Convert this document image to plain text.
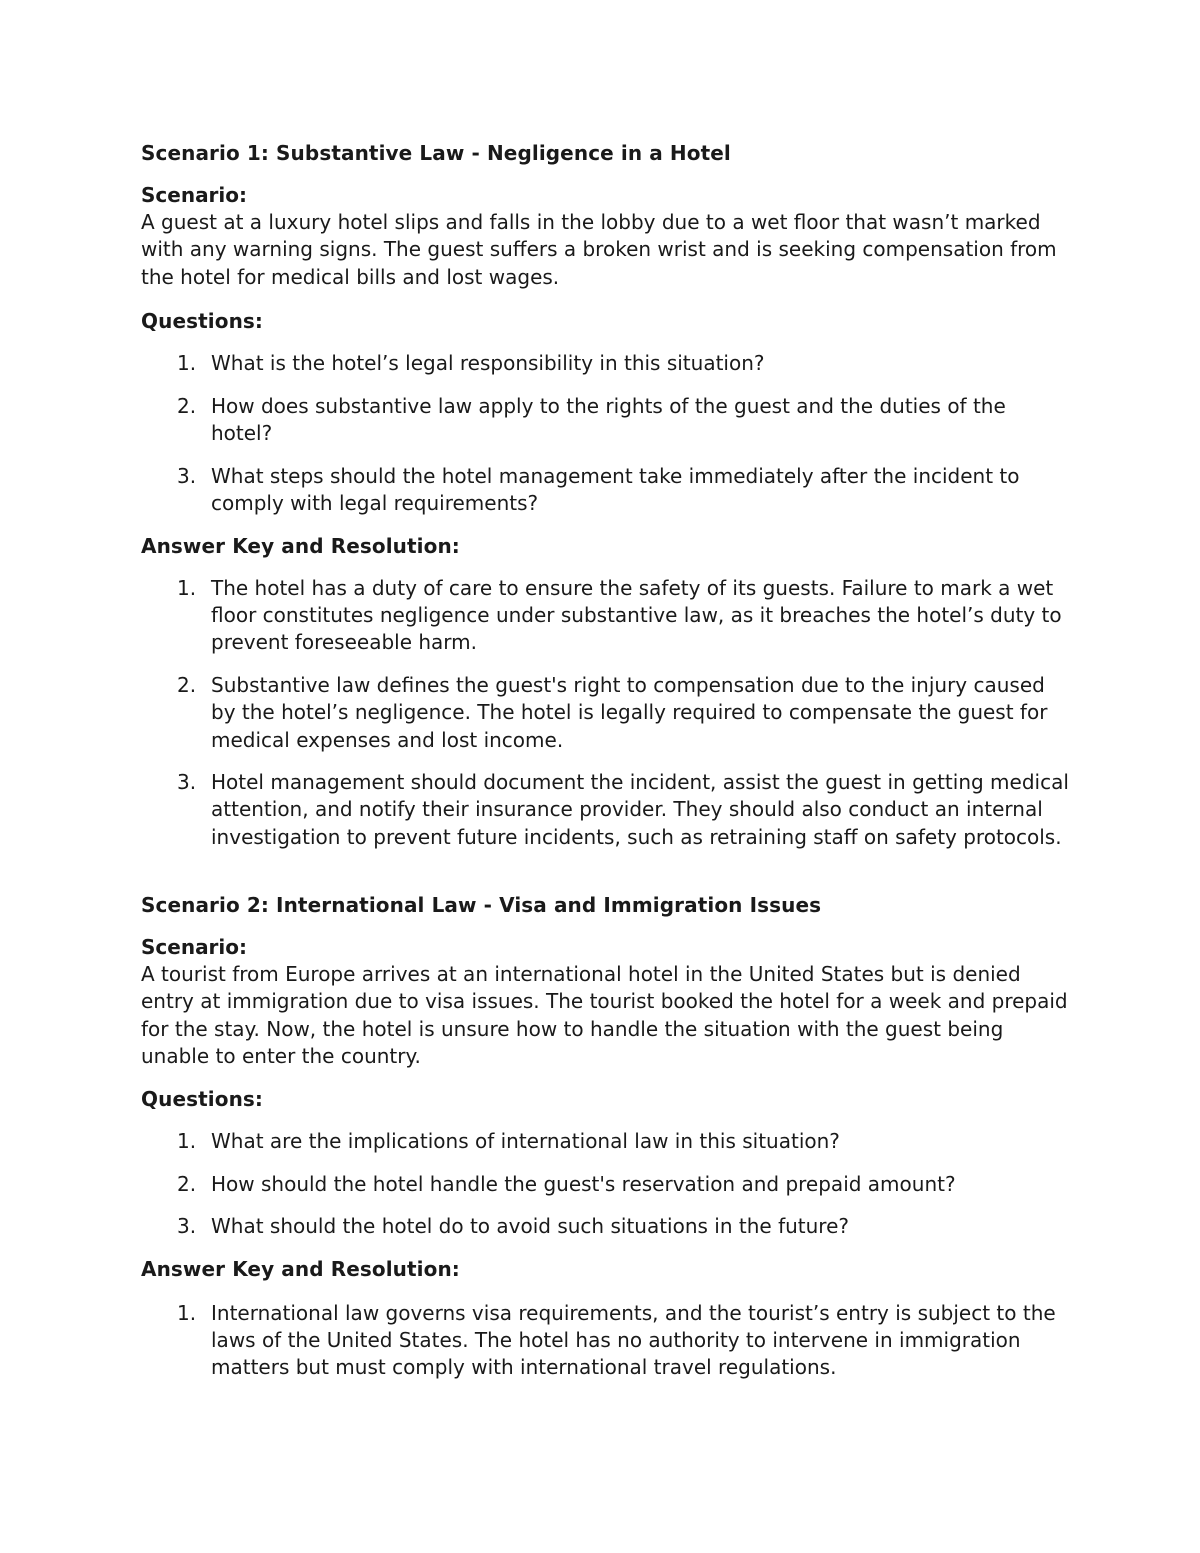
Scenario 1: Substantive Law - Negligence in a Hotel

Scenario:
A guest at a luxury hotel slips and falls in the lobby due to a wet floor that wasn’t marked with any warning signs. The guest suffers a broken wrist and is seeking compensation from the hotel for medical bills and lost wages.

Questions:
1. What is the hotel’s legal responsibility in this situation?
2. How does substantive law apply to the rights of the guest and the duties of the hotel?
3. What steps should the hotel management take immediately after the incident to comply with legal requirements?
Answer Key and Resolution:
1. The hotel has a duty of care to ensure the safety of its guests. Failure to mark a wet floor constitutes negligence under substantive law, as it breaches the hotel’s duty to prevent foreseeable harm.
2. Substantive law defines the guest's right to compensation due to the injury caused by the hotel’s negligence. The hotel is legally required to compensate the guest for medical expenses and lost income.
3. Hotel management should document the incident, assist the guest in getting medical attention, and notify their insurance provider. They should also conduct an internal investigation to prevent future incidents, such as retraining staff on safety protocols.
Scenario 2: International Law - Visa and Immigration Issues

Scenario:
A tourist from Europe arrives at an international hotel in the United States but is denied entry at immigration due to visa issues. The tourist booked the hotel for a week and prepaid for the stay. Now, the hotel is unsure how to handle the situation with the guest being unable to enter the country.

Questions:
1. What are the implications of international law in this situation?
2. How should the hotel handle the guest's reservation and prepaid amount?
3. What should the hotel do to avoid such situations in the future?
Answer Key and Resolution:
1. International law governs visa requirements, and the tourist’s entry is subject to the laws of the United States. The hotel has no authority to intervene in immigration matters but must comply with international travel regulations.
